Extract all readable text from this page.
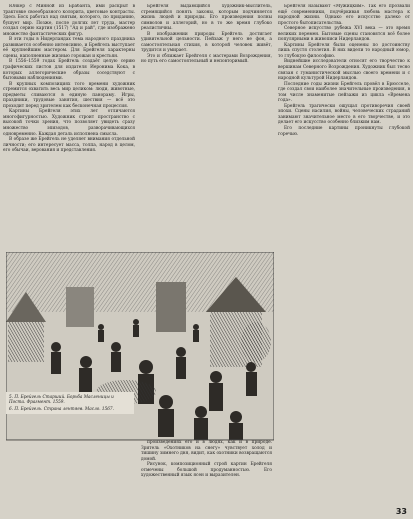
Юнкер с Минной из Брабанта, ими раскрыт в трактовке своеобразного колорита, цветовые контрасты. Здесь Босх работал над святым, которого, по приданию, бушует мир. Позже, после долгих лет труда, мастер создал серию картин (1517) "Ад и рай", где изображено множество фантастических фигур.

В эти годы в Нидерландах тема народного праздника развивается особенно интенсивно, и Брейгель выступает её крупнейшим мастером. Для Брейгеля характерны сцены, наполненные жизнью горожан и крестьян.

В 1556–1559 годах Брейгель создаёт целую серию графических листов для издателя Иеронима Кока, в которых аллегорические образы соседствуют с бытовыми наблюдениями.

В крупных композициях того времени художник стремится охватить весь мир целиком: люди, животные, предметы сливаются в единую панораму. Игры, праздники, трудовые занятия, шествия — всё это проходит перед зрителем как бесконечная процессия.

Картины Брейгеля этих лет отличаются многофигурностью. Художник строит пространство с высокой точки зрения, что позволяет увидеть сразу множество эпизодов, разворачивающихся одновременно. Каждая деталь исполнена смысла.

В образе же Брейгель не уделяет внимания отдельной личности; его интересует масса, толпа, народ в целом, его обычаи, верования и представления.

Брейгеля выдающийся художник-мыслитель, стремящийся понять законы, которым подчиняется жизнь людей и природы. Его произведения полны символов и аллегорий, но в то же время глубоко реалистичны.

В изображении природы Брейгель достигает удивительной цельности. Пейзаж у него не фон, а самостоятельная стихия, в которой человек живёт, трудится и умирает.

Это и сближает Брейгеля с мастерами Возрождения, но путь его самостоятельный и неповторимый.

5. П. Брейгель Старший. Борьба Масленицы и Поста. Фрагмент. 1559.
6. П. Брейгель. Страна лентяев. Масло. 1567.

произведениях его и в людях, как и в природе. Зритель «Охотников на снегу» чувствует холод и тишину зимнего дня, видит, как охотники возвращаются домой.

Рисунок, композиционный строй картин Брейгеля отмечены большой продуманностью. Его художественный язык ясен и выразителен.

Брейгеля называют «Мужицким». Так его прозвали ещё современники, подчёркивая любовь мастера к народной жизни. Однако его искусство далеко от простого бытописательства.

Северное искусство рубежа XVI века — это время великих перемен. Бытовые сцены становятся всё более популярными в живописи Нидерландов.

Картины Брейгеля были оценены по достоинству лишь спустя столетия. В них видели то народный юмор, то глубокую философию.

Виднейшие исследователи относят его творчество к вершинам Северного Возрождения. Художник был тесно связан с гуманистической мыслью своего времени и с народной культурой Нидерландов.

Последние годы жизни Брейгель провёл в Брюсселе, где создал свои наиболее значительные произведения, в том числе знаменитые пейзажи из цикла «Времена года».

Брейгель трагически ощущал противоречия своей эпохи. Сцены насилия, войны, человеческих страданий занимают значительное место в его творчестве, и это делает его искусство особенно близким нам.

Его последние картины проникнуты глубокой горечью.

33
